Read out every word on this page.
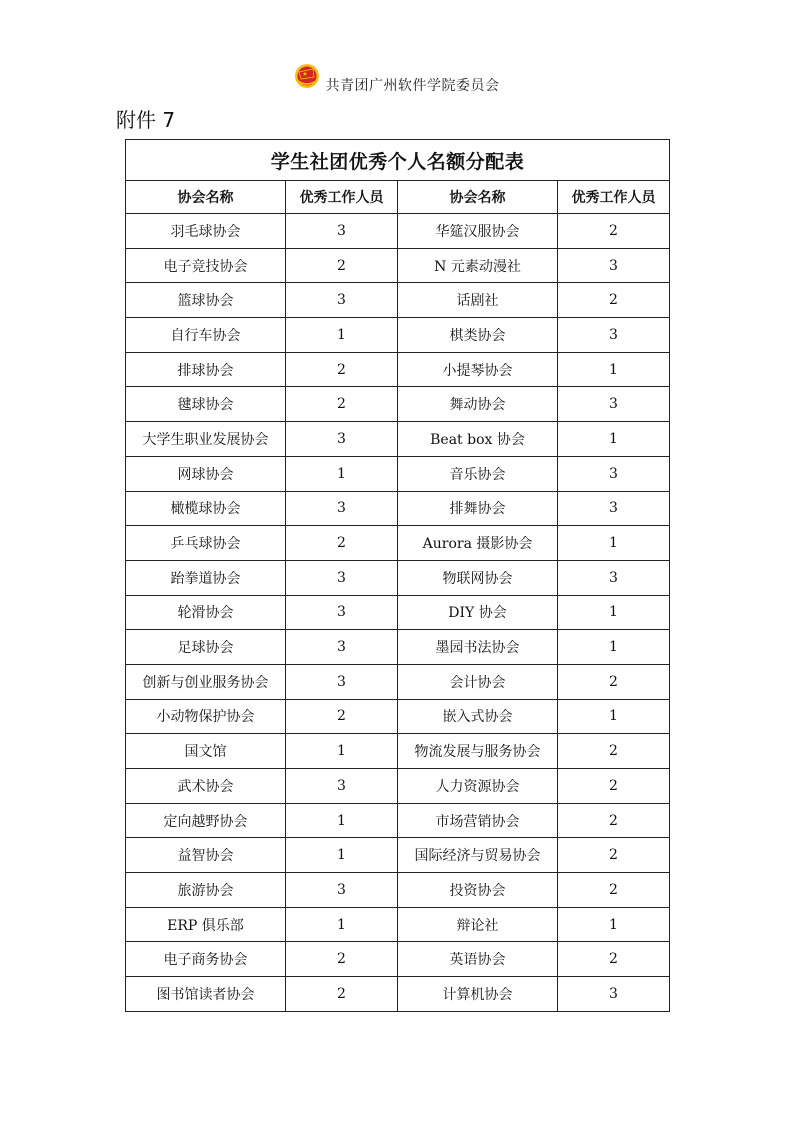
共青团广州软件学院委员会
附件 7
学生社团优秀个人名额分配表			
协会名称	优秀工作人员	协会名称	优秀工作人员
羽毛球协会	3	华筵汉服协会	2
电子竞技协会	2	N 元素动漫社	3
篮球协会	3	话剧社	2
自行车协会	1	棋类协会	3
排球协会	2	小提琴协会	1
毽球协会	2	舞动协会	3
大学生职业发展协会	3	Beat box 协会	1
网球协会	1	音乐协会	3
橄榄球协会	3	排舞协会	3
乒乓球协会	2	Aurora 摄影协会	1
跆拳道协会	3	物联网协会	3
轮滑协会	3	DIY 协会	1
足球协会	3	墨园书法协会	1
创新与创业服务协会	3	会计协会	2
小动物保护协会	2	嵌入式协会	1
国文馆	1	物流发展与服务协会	2
武术协会	3	人力资源协会	2
定向越野协会	1	市场营销协会	2
益智协会	1	国际经济与贸易协会	2
旅游协会	3	投资协会	2
ERP 俱乐部	1	辩论社	1
电子商务协会	2	英语协会	2
图书馆读者协会	2	计算机协会	3
